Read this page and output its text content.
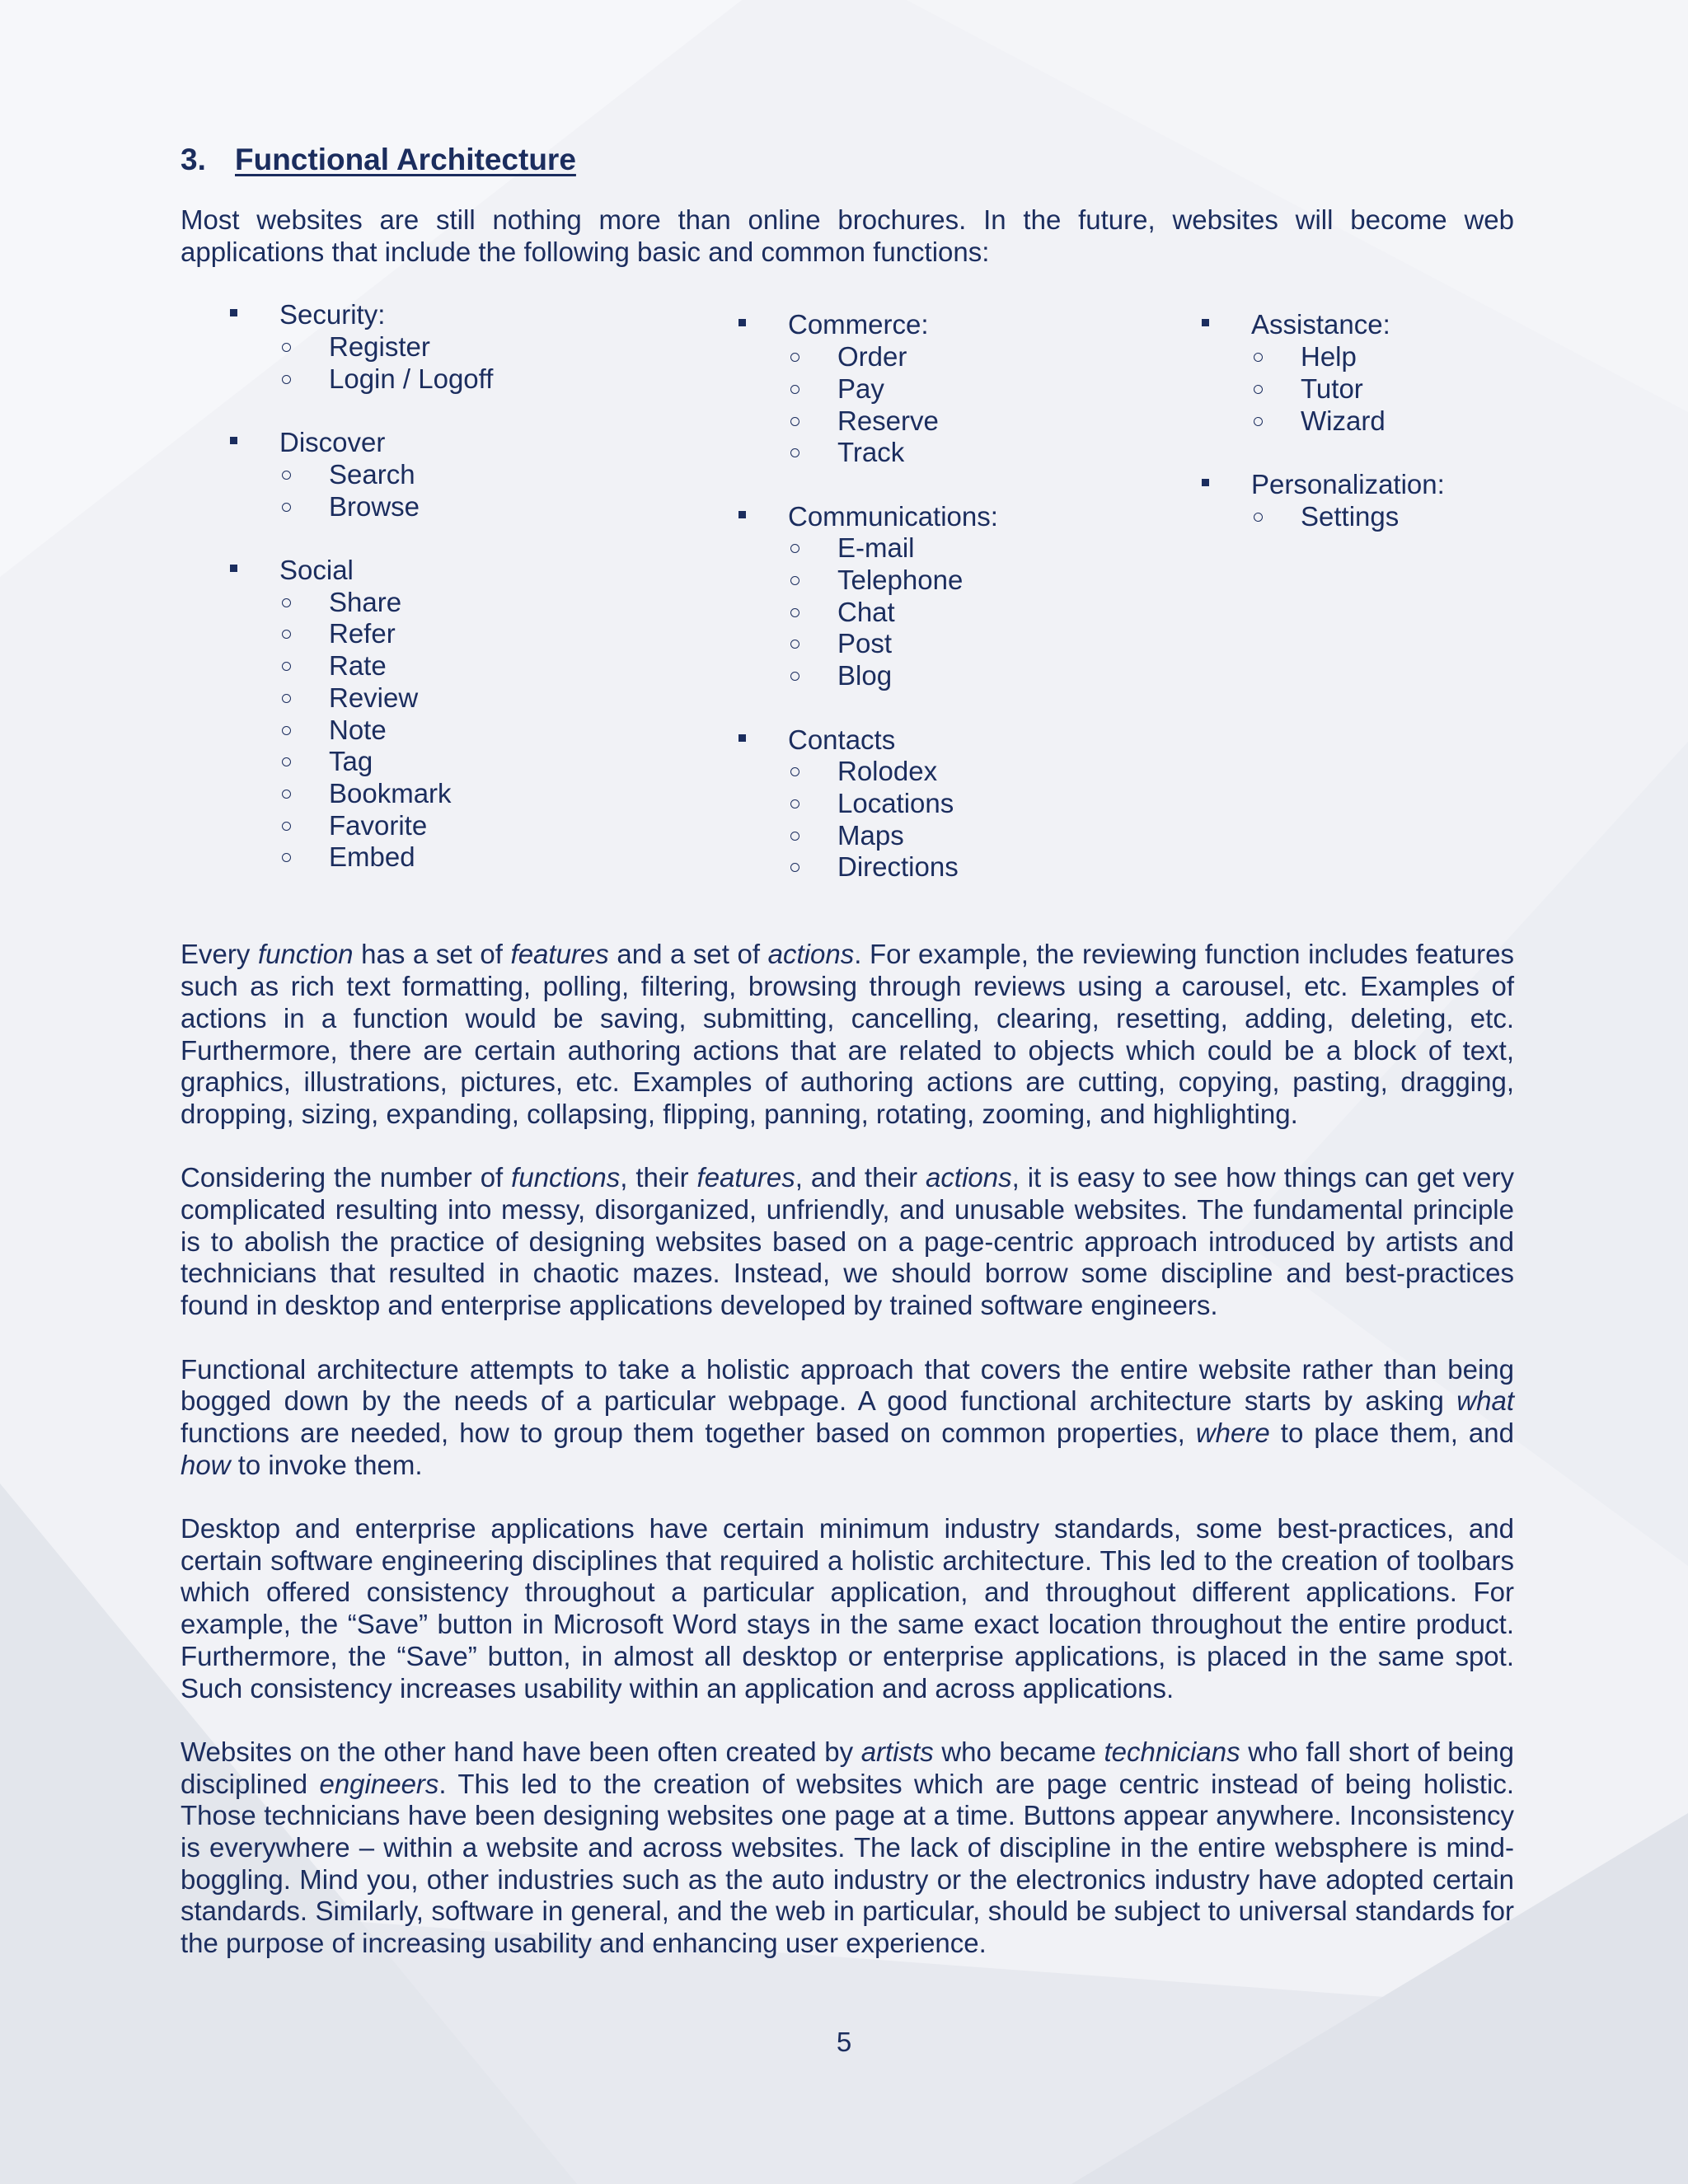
3. Functional Architecture

Most websites are still nothing more than online brochures. In the future, websites will become web applications that include the following basic and common functions:

Security:
Register
Login / Logoff
Discover
Search
Browse
Social
Share
Refer
Rate
Review
Note
Tag
Bookmark
Favorite
Embed
Commerce:
Order
Pay
Reserve
Track
Communications:
E-mail
Telephone
Chat
Post
Blog
Contacts
Rolodex
Locations
Maps
Directions
Assistance:
Help
Tutor
Wizard
Personalization:
Settings

Every function has a set of features and a set of actions. For example, the reviewing function includes features such as rich text formatting, polling, filtering, browsing through reviews using a carousel, etc. Examples of actions in a function would be saving, submitting, cancelling, clearing, resetting, adding, deleting, etc. Furthermore, there are certain authoring actions that are related to objects which could be a block of text, graphics, illustrations, pictures, etc. Examples of authoring actions are cutting, copying, pasting, dragging, dropping, sizing, expanding, collapsing, flipping, panning, rotating, zooming, and highlighting.

Considering the number of functions, their features, and their actions, it is easy to see how things can get very complicated resulting into messy, disorganized, unfriendly, and unusable websites. The fundamental principle is to abolish the practice of designing websites based on a page-centric approach introduced by artists and technicians that resulted in chaotic mazes. Instead, we should borrow some discipline and best-practices found in desktop and enterprise applications developed by trained software engineers.

Functional architecture attempts to take a holistic approach that covers the entire website rather than being bogged down by the needs of a particular webpage. A good functional architecture starts by asking what functions are needed, how to group them together based on common properties, where to place them, and how to invoke them.

Desktop and enterprise applications have certain minimum industry standards, some best-practices, and certain software engineering disciplines that required a holistic architecture. This led to the creation of toolbars which offered consistency throughout a particular application, and throughout different applications. For example, the “Save” button in Microsoft Word stays in the same exact location throughout the entire product. Furthermore, the “Save” button, in almost all desktop or enterprise applications, is placed in the same spot. Such consistency increases usability within an application and across applications.

Websites on the other hand have been often created by artists who became technicians who fall short of being disciplined engineers. This led to the creation of websites which are page centric instead of being holistic. Those technicians have been designing websites one page at a time. Buttons appear anywhere. Inconsistency is everywhere – within a website and across websites. The lack of discipline in the entire websphere is mind-boggling. Mind you, other industries such as the auto industry or the electronics industry have adopted certain standards. Similarly, software in general, and the web in particular, should be subject to universal standards for the purpose of increasing usability and enhancing user experience.

5
